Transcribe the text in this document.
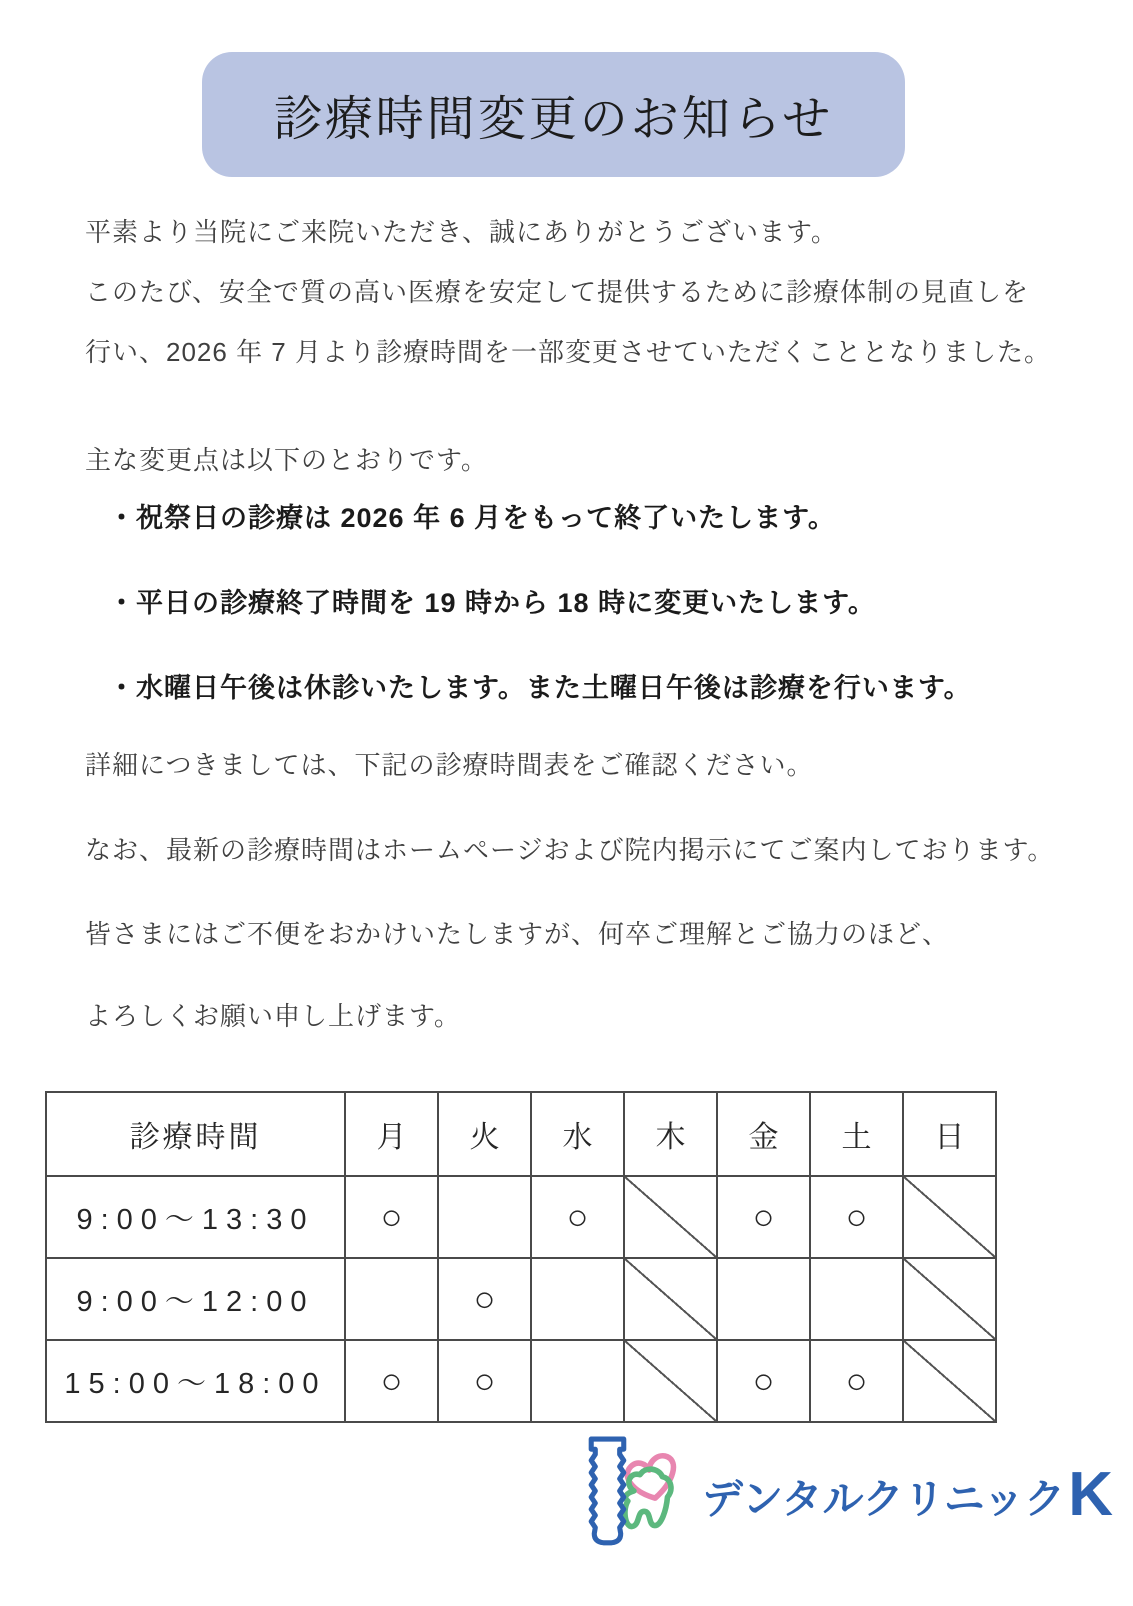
診療時間変更のお知らせ
平素より当院にご来院いただき、誠にありがとうございます。
このたび、安全で質の高い医療を安定して提供するために診療体制の見直しを
行い、2026 年 7 月より診療時間を一部変更させていただくこととなりました。
主な変更点は以下のとおりです。
・祝祭日の診療は 2026 年 6 月をもって終了いたします。
・平日の診療終了時間を 19 時から 18 時に変更いたします。
・水曜日午後は休診いたします。また土曜日午後は診療を行います。
詳細につきましては、下記の診療時間表をご確認ください。
なお、最新の診療時間はホームページおよび院内掲示にてご案内しております。
皆さまにはご不便をおかけいたしますが、何卒ご理解とご協力のほど、
よろしくお願い申し上げます。
診療時間	月	火	水	木	金	土	日
9:00～13:30	○		○		○	○	
9:00～12:00		○					
15:00～18:00	○	○			○	○	
デンタルクリニック K
